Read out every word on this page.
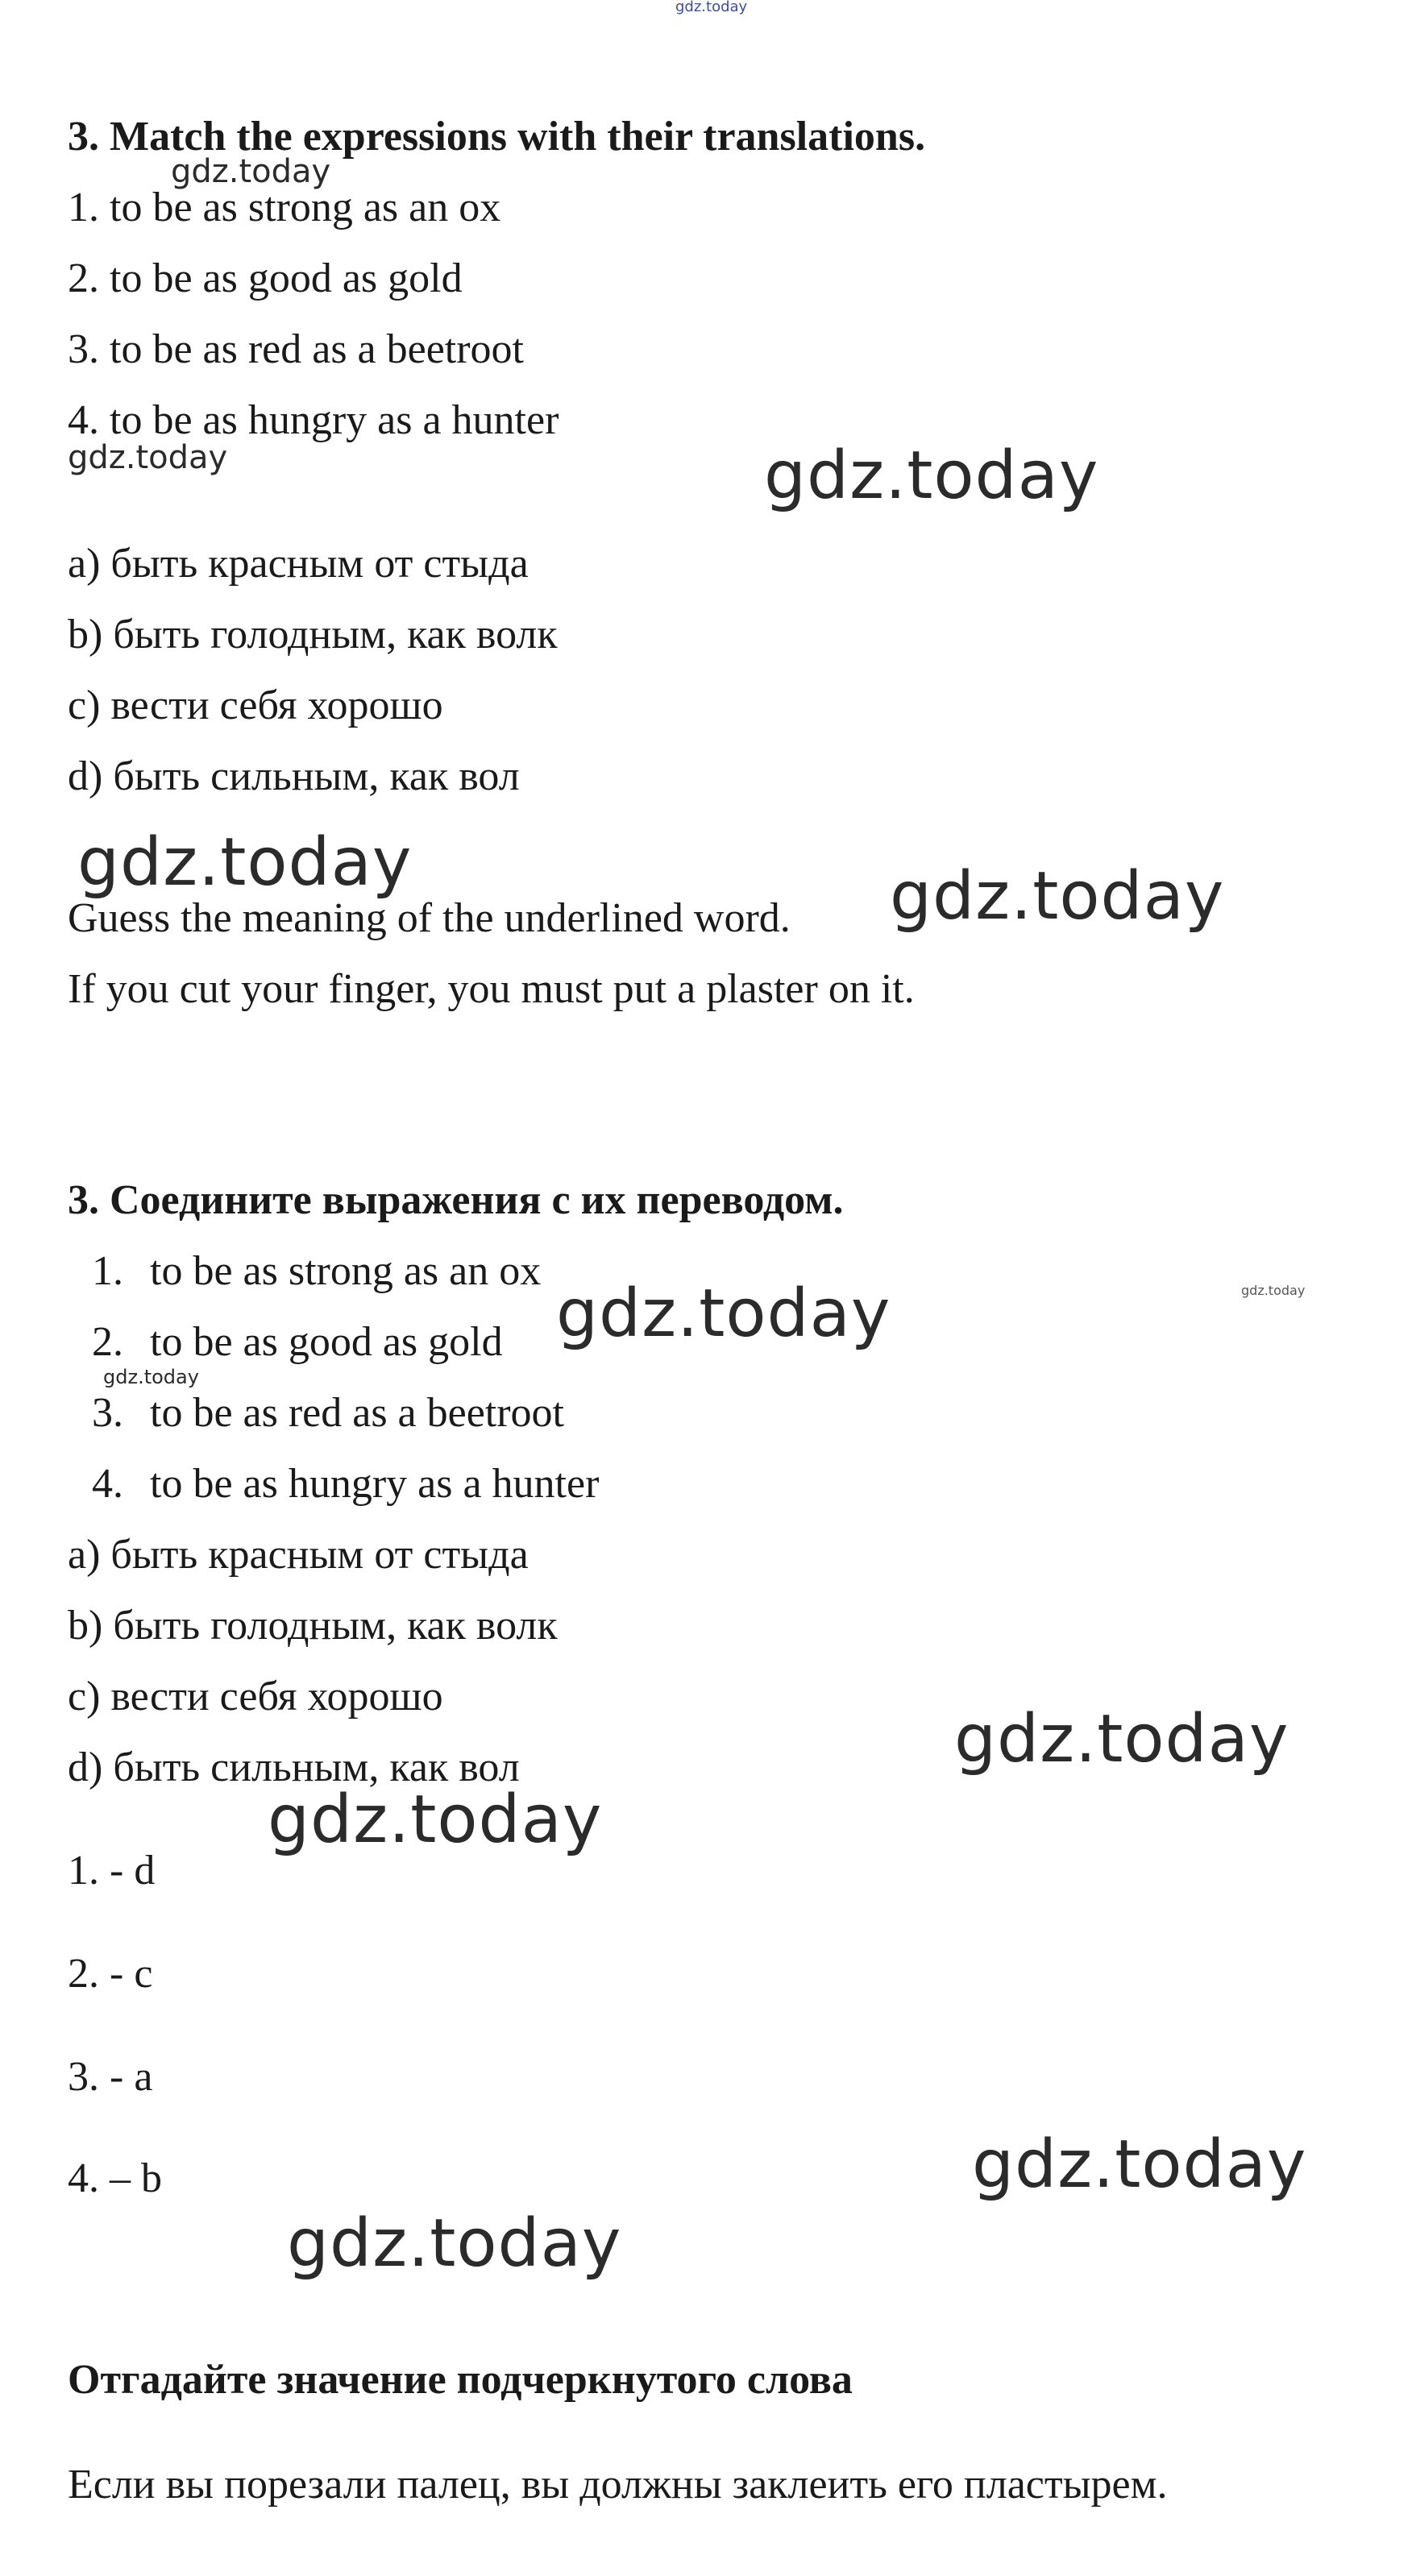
gdz.today
3. Match the expressions with their translations.
gdz.today
1. to be as strong as an ox
2. to be as good as gold
3. to be as red as a beetroot
4. to be as hungry as a hunter
gdz.today	gdz.today
a) быть красным от стыда
b) быть голодным, как волк
c) вести себя хорошо
d) быть сильным, как вол
gdz.today
Guess the meaning of the underlined word. gdz.today
If you cut your finger, you must put a plaster on it.
3. Соедините выражения с их переводом.
1. to be as strong as an ox	gdz.today
2. to be as good as gold gdz.today
gdz.today
3. to be as red as a beetroot
4. to be as hungry as a hunter
a) быть красным от стыда
b) быть голодным, как волк
c) вести себя хорошо
d) быть сильным, как вол	gdz.today
gdz.today
1. - d
2. - c
3. - a
4. – b	gdz.today
gdz.today
Отгадайте значение подчеркнутого слова
Если вы порезали палец, вы должны заклеить его пластырем.
